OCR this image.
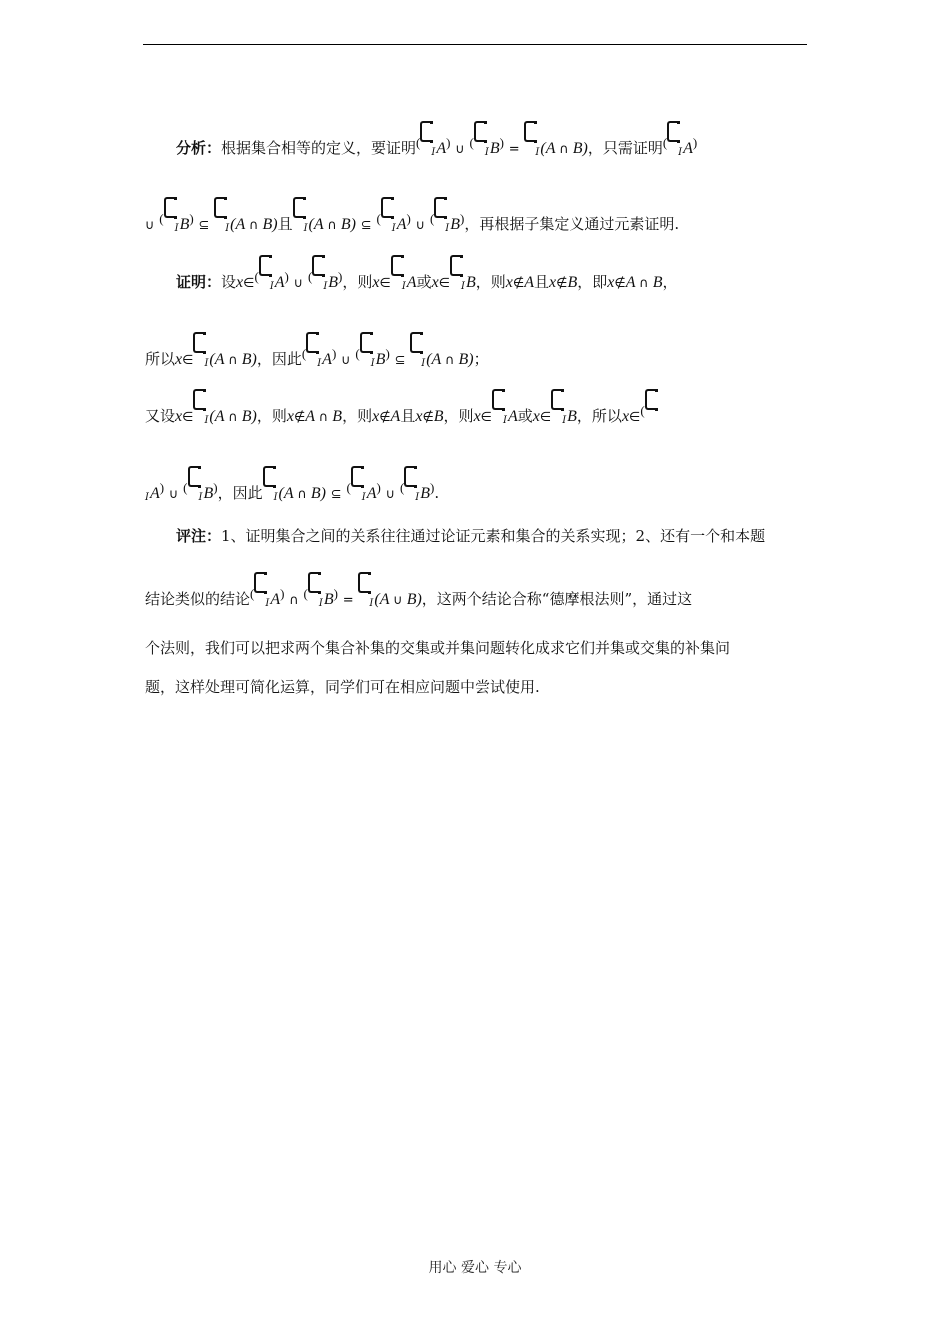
分析：根据集合相等的定义，要证明(IA) ∪ (IB) = I(A ∩ B)，只需证明(IA)

∪ (IB) ⊆ I(A ∩ B)且 I(A ∩ B) ⊆ (IA) ∪ (IB)，再根据子集定义通过元素证明.

证明：设x∈(IA) ∪ (IB)，则x∈ IA或x∈ IB，则x∉A且x∉B，即x∉A ∩ B，

所以x∈ I(A ∩ B)，因此(IA) ∪ (IB) ⊆ I(A ∩ B)；

又设x∈ I(A ∩ B)，则x∉A ∩ B，则x∉A且x∉B，则x∈ IA或x∈ IB，所以x∈(

IA) ∪ (IB)，因此 I(A ∩ B) ⊆ (IA) ∪ (IB).

评注：1、证明集合之间的关系往往通过论证元素和集合的关系实现；2、还有一个和本题

结论类似的结论(IA) ∩ (IB) = I(A ∪ B)，这两个结论合称“德摩根法则”，通过这

个法则，我们可以把求两个集合补集的交集或并集问题转化成求它们并集或交集的补集问

题，这样处理可简化运算，同学们可在相应问题中尝试使用.

用心 爱心 专心
